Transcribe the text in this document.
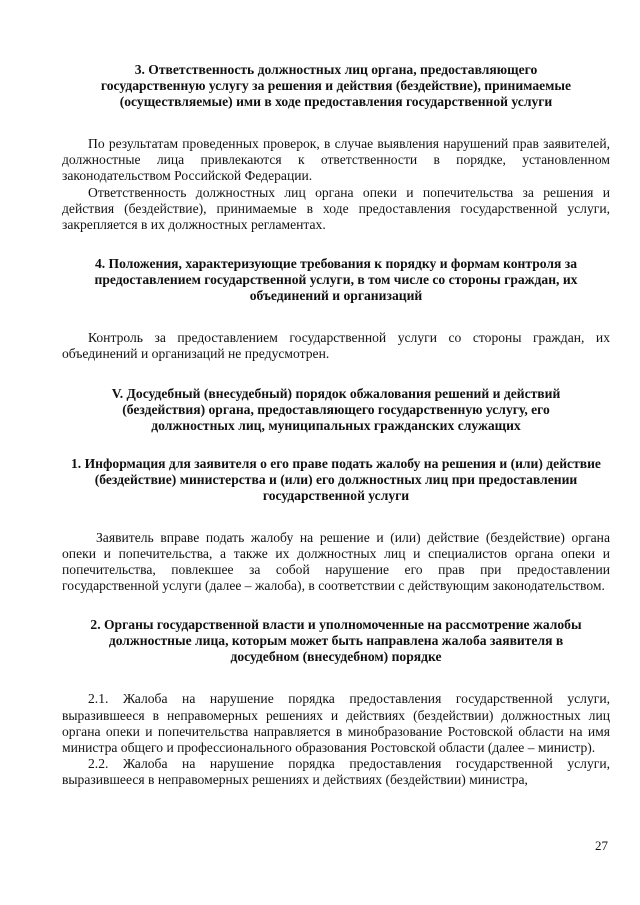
3. Ответственность должностных лиц органа, предоставляющего государственную услугу за решения и действия (бездействие), принимаемые (осуществляемые) ими в ходе предоставления государственной услуги

По результатам проведенных проверок, в случае выявления нарушений прав заявителей, должностные лица привлекаются к ответственности в порядке, установленном законодательством Российской Федерации.

Ответственность должностных лиц органа опеки и попечительства за решения и действия (бездействие), принимаемые в ходе предоставления государственной услуги, закрепляется в их должностных регламентах.

4. Положения, характеризующие требования к порядку и формам контроля за предоставлением государственной услуги, в том числе со стороны граждан, их объединений и организаций

Контроль за предоставлением государственной услуги со стороны граждан, их объединений и организаций не предусмотрен.

V. Досудебный (внесудебный) порядок обжалования решений и действий (бездействия) органа, предоставляющего государственную услугу, его должностных лиц, муниципальных гражданских служащих

1. Информация для заявителя о его праве подать жалобу на решения и (или) действие (бездействие) министерства и (или) его должностных лиц при предоставлении государственной услуги

Заявитель вправе подать жалобу на решение и (или) действие (бездействие) органа опеки и попечительства, а также их должностных лиц и специалистов органа опеки и попечительства, повлекшее за собой нарушение его прав при предоставлении государственной услуги (далее – жалоба), в соответствии с действующим законодательством.

2. Органы государственной власти и уполномоченные на рассмотрение жалобы должностные лица, которым может быть направлена жалоба заявителя в досудебном (внесудебном) порядке

2.1. Жалоба на нарушение порядка предоставления государственной услуги, выразившееся в неправомерных решениях и действиях (бездействии) должностных лиц органа опеки и попечительства направляется в минобразование Ростовской области на имя министра общего и профессионального образования Ростовской области (далее – министр).

2.2. Жалоба на нарушение порядка предоставления государственной услуги, выразившееся в неправомерных решениях и действиях (бездействии) министра,

27
